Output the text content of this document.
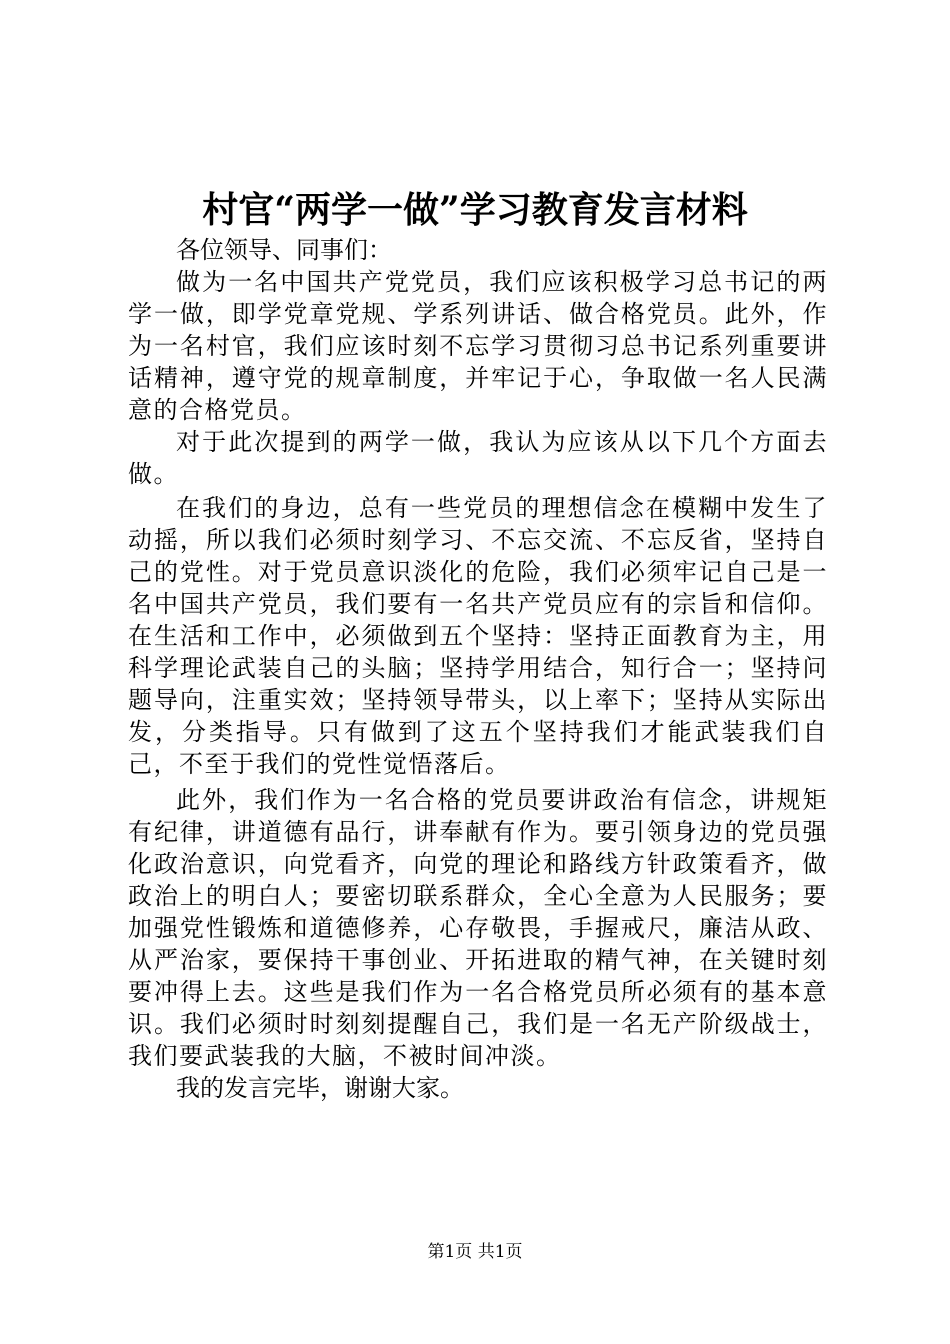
村官“两学一做”学习教育发言材料

各位领导、同事们：

做为一名中国共产党党员，我们应该积极学习总书记的两学一做，即学党章党规、学系列讲话、做合格党员。此外，作为一名村官，我们应该时刻不忘学习贯彻习总书记系列重要讲话精神，遵守党的规章制度，并牢记于心，争取做一名人民满意的合格党员。

对于此次提到的两学一做，我认为应该从以下几个方面去做。

在我们的身边，总有一些党员的理想信念在模糊中发生了动摇，所以我们必须时刻学习、不忘交流、不忘反省，坚持自己的党性。对于党员意识淡化的危险，我们必须牢记自己是一名中国共产党员，我们要有一名共产党员应有的宗旨和信仰。在生活和工作中，必须做到五个坚持：坚持正面教育为主，用科学理论武装自己的头脑；坚持学用结合，知行合一；坚持问题导向，注重实效；坚持领导带头，以上率下；坚持从实际出发，分类指导。只有做到了这五个坚持我们才能武装我们自己，不至于我们的党性觉悟落后。

此外，我们作为一名合格的党员要讲政治有信念，讲规矩有纪律，讲道德有品行，讲奉献有作为。要引领身边的党员强化政治意识，向党看齐，向党的理论和路线方针政策看齐，做政治上的明白人；要密切联系群众，全心全意为人民服务；要加强党性锻炼和道德修养，心存敬畏，手握戒尺，廉洁从政、从严治家，要保持干事创业、开拓进取的精气神，在关键时刻要冲得上去。这些是我们作为一名合格党员所必须有的基本意识。我们必须时时刻刻提醒自己，我们是一名无产阶级战士，我们要武装我的大脑，不被时间冲淡。

我的发言完毕，谢谢大家。

第1页 共1页
